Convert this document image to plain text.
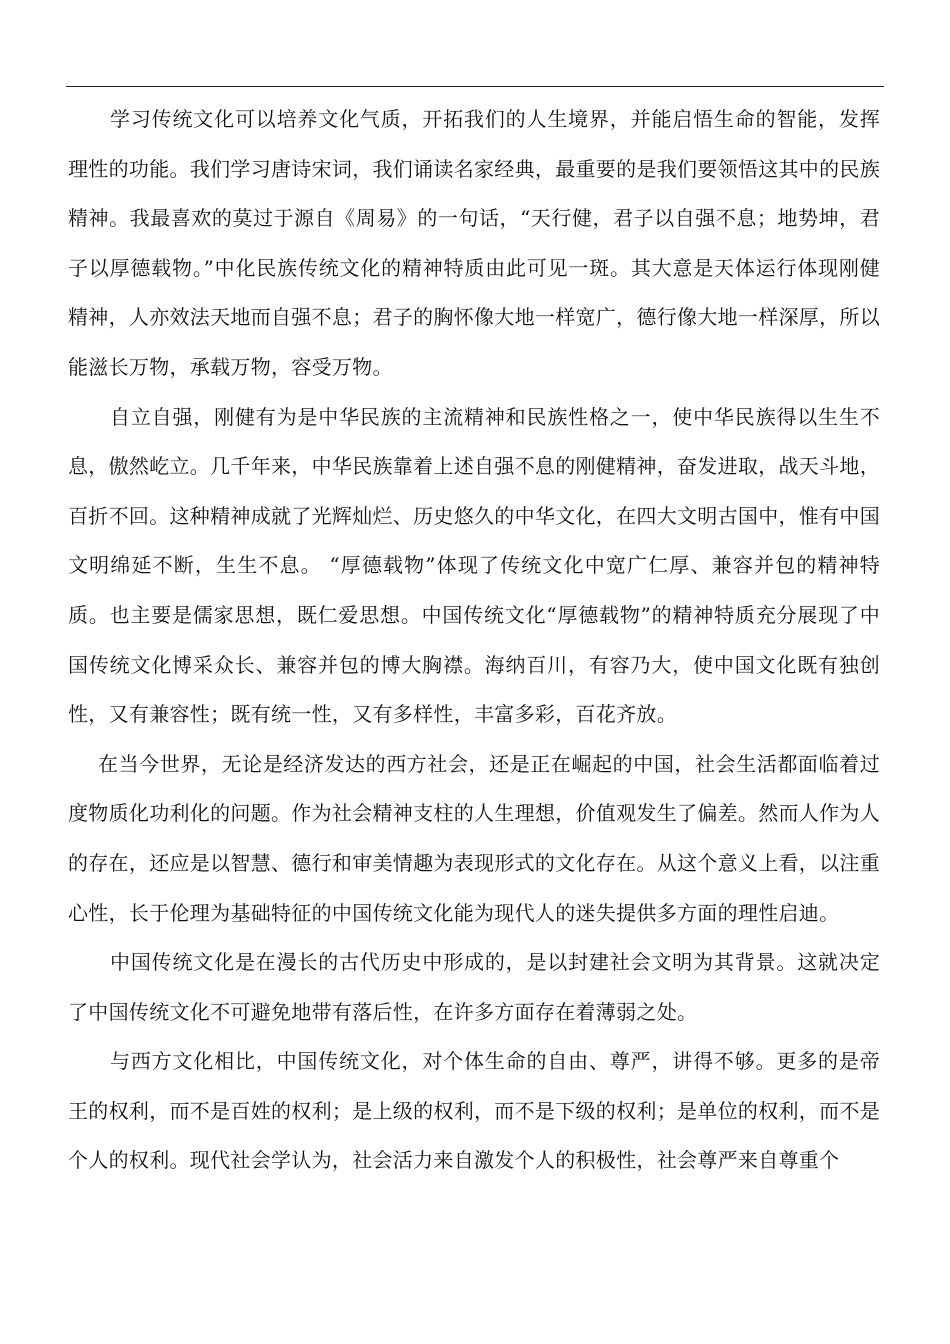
学习传统文化可以培养文化气质，开拓我们的人生境界，并能启悟生命的智能，发挥理性的功能。我们学习唐诗宋词，我们诵读名家经典，最重要的是我们要领悟这其中的民族精神。我最喜欢的莫过于源自《周易》的一句话，“天行健，君子以自强不息；地势坤，君子以厚德载物。”中化民族传统文化的精神特质由此可见一斑。其大意是天体运行体现刚健精神，人亦效法天地而自强不息；君子的胸怀像大地一样宽广，德行像大地一样深厚，所以能滋长万物，承载万物，容受万物。

自立自强，刚健有为是中华民族的主流精神和民族性格之一，使中华民族得以生生不息，傲然屹立。几千年来，中华民族靠着上述自强不息的刚健精神，奋发进取，战天斗地，百折不回。这种精神成就了光辉灿烂、历史悠久的中华文化，在四大文明古国中，惟有中国文明绵延不断，生生不息。 “厚德载物”体现了传统文化中宽广仁厚、兼容并包的精神特质。也主要是儒家思想，既仁爱思想。中国传统文化“厚德载物”的精神特质充分展现了中国传统文化博采众长、兼容并包的博大胸襟。海纳百川，有容乃大，使中国文化既有独创性，又有兼容性；既有统一性，又有多样性，丰富多彩，百花齐放。

在当今世界，无论是经济发达的西方社会，还是正在崛起的中国，社会生活都面临着过度物质化功利化的问题。作为社会精神支柱的人生理想，价值观发生了偏差。然而人作为人的存在，还应是以智慧、德行和审美情趣为表现形式的文化存在。从这个意义上看，以注重心性，长于伦理为基础特征的中国传统文化能为现代人的迷失提供多方面的理性启迪。

中国传统文化是在漫长的古代历史中形成的，是以封建社会文明为其背景。这就决定了中国传统文化不可避免地带有落后性，在许多方面存在着薄弱之处。

与西方文化相比，中国传统文化，对个体生命的自由、尊严，讲得不够。更多的是帝王的权利，而不是百姓的权利；是上级的权利，而不是下级的权利；是单位的权利，而不是个人的权利。现代社会学认为，社会活力来自激发个人的积极性，社会尊严来自尊重个
